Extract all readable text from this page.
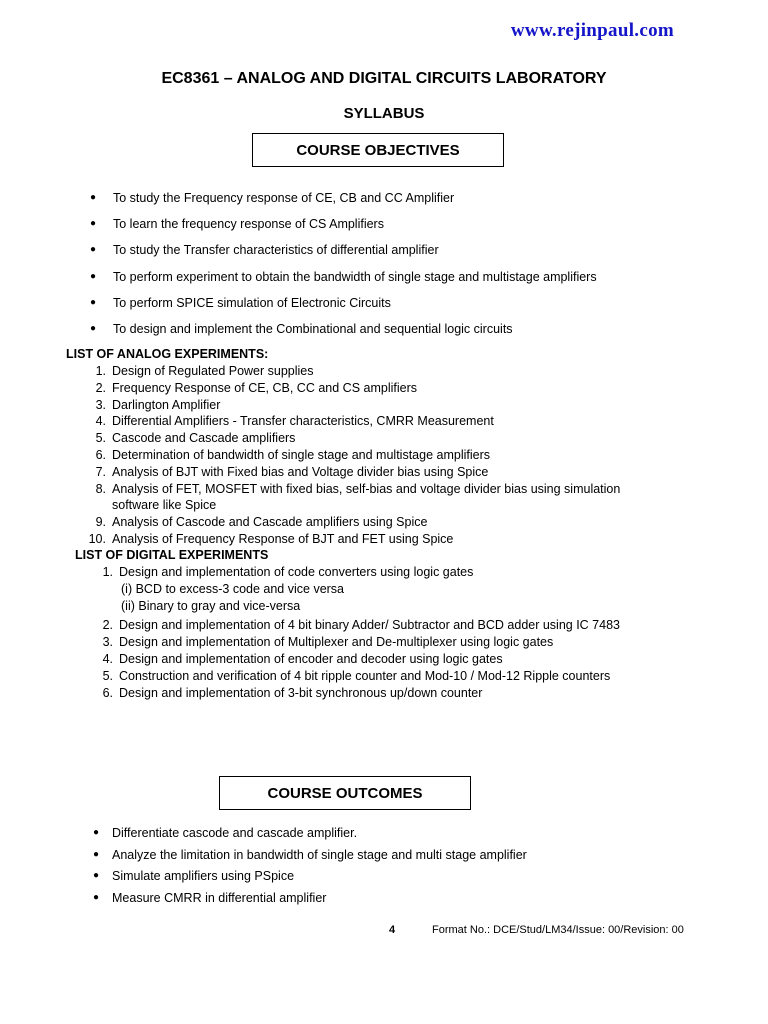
www.rejinpaul.com
EC8361 – ANALOG AND DIGITAL CIRCUITS LABORATORY
SYLLABUS
COURSE OBJECTIVES
● To study the Frequency response of CE, CB and CC Amplifier
● To learn the frequency response of CS Amplifiers
● To study the Transfer characteristics of differential amplifier
● To perform experiment to obtain the bandwidth of single stage and multistage amplifiers
● To perform SPICE simulation of Electronic Circuits
● To design and implement the Combinational and sequential logic circuits
LIST OF ANALOG EXPERIMENTS:
1. Design of Regulated Power supplies
2. Frequency Response of CE, CB, CC and CS amplifiers
3. Darlington Amplifier
4. Differential Amplifiers - Transfer characteristics, CMRR Measurement
5. Cascode and Cascade amplifiers
6. Determination of bandwidth of single stage and multistage amplifiers
7. Analysis of BJT with Fixed bias and Voltage divider bias using Spice
8. Analysis of FET, MOSFET with fixed bias, self-bias and voltage divider bias using simulation
software like Spice
9. Analysis of Cascode and Cascade amplifiers using Spice
10. Analysis of Frequency Response of BJT and FET using Spice
LIST OF DIGITAL EXPERIMENTS
1. Design and implementation of code converters using logic gates
(i) BCD to excess-3 code and vice versa
(ii) Binary to gray and vice-versa
2. Design and implementation of 4 bit binary Adder/ Subtractor and BCD adder using IC 7483
3. Design and implementation of Multiplexer and De-multiplexer using logic gates
4. Design and implementation of encoder and decoder using logic gates
5. Construction and verification of 4 bit ripple counter and Mod-10 / Mod-12 Ripple counters
6. Design and implementation of 3-bit synchronous up/down counter
COURSE OUTCOMES
● Differentiate cascode and cascade amplifier.
● Analyze the limitation in bandwidth of single stage and multi stage amplifier
● Simulate amplifiers using PSpice
● Measure CMRR in differential amplifier
4	Format No.: DCE/Stud/LM34/Issue: 00/Revision: 00
